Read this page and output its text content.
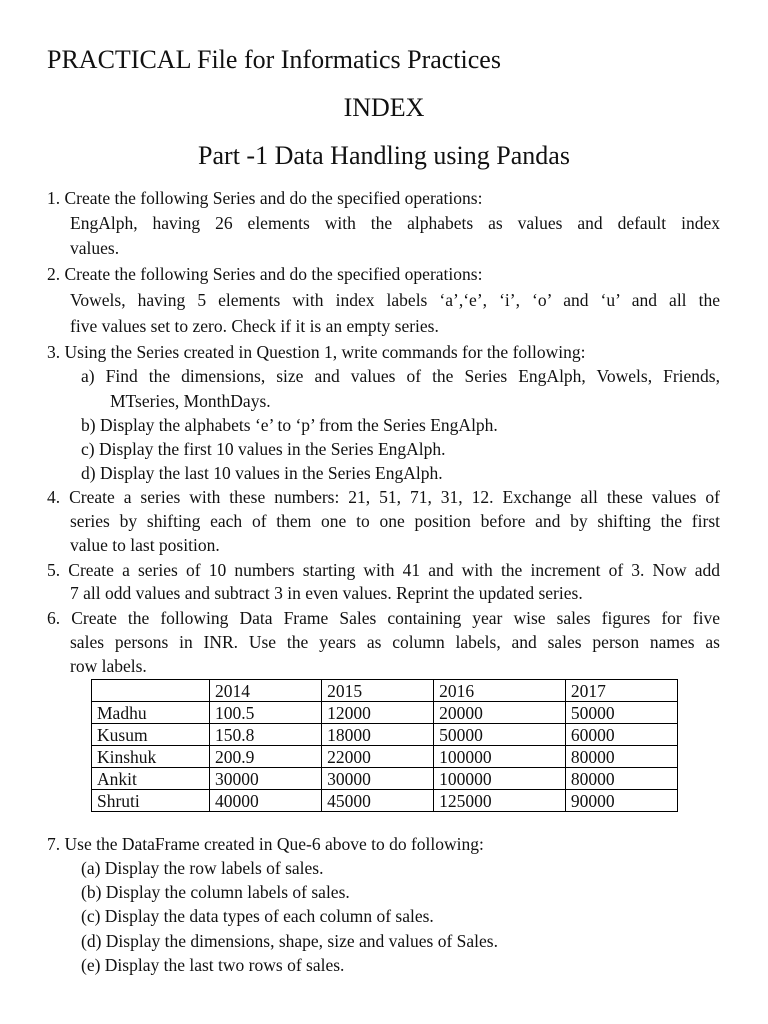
PRACTICAL File for Informatics Practices
INDEX
Part -1 Data Handling using Pandas
1. Create the following Series and do the specified operations:
EngAlph, having 26 elements with the alphabets as values and default index
values.
2. Create the following Series and do the specified operations:
Vowels, having 5 elements with index labels ‘a’,‘e’, ‘i’, ‘o’ and ‘u’ and all the
five values set to zero. Check if it is an empty series.
3. Using the Series created in Question 1, write commands for the following:
a) Find the dimensions, size and values of the Series EngAlph, Vowels, Friends,
MTseries, MonthDays.
b) Display the alphabets ‘e’ to ‘p’ from the Series EngAlph.
c) Display the first 10 values in the Series EngAlph.
d) Display the last 10 values in the Series EngAlph.
4. Create a series with these numbers: 21, 51, 71, 31, 12. Exchange all these values of
series by shifting each of them one to one position before and by shifting the first
value to last position.
5. Create a series of 10 numbers starting with 41 and with the increment of 3. Now add
7 all odd values and subtract 3 in even values. Reprint the updated series.
6. Create the following Data Frame Sales containing year wise sales figures for five
sales persons in INR. Use the years as column labels, and sales person names as
row labels.
	2014	2015	2016	2017
Madhu	100.5	12000	20000	50000
Kusum	150.8	18000	50000	60000
Kinshuk	200.9	22000	100000	80000
Ankit	30000	30000	100000	80000
Shruti	40000	45000	125000	90000
7. Use the DataFrame created in Que-6 above to do following:
(a) Display the row labels of sales.
(b) Display the column labels of sales.
(c) Display the data types of each column of sales.
(d) Display the dimensions, shape, size and values of Sales.
(e) Display the last two rows of sales.
